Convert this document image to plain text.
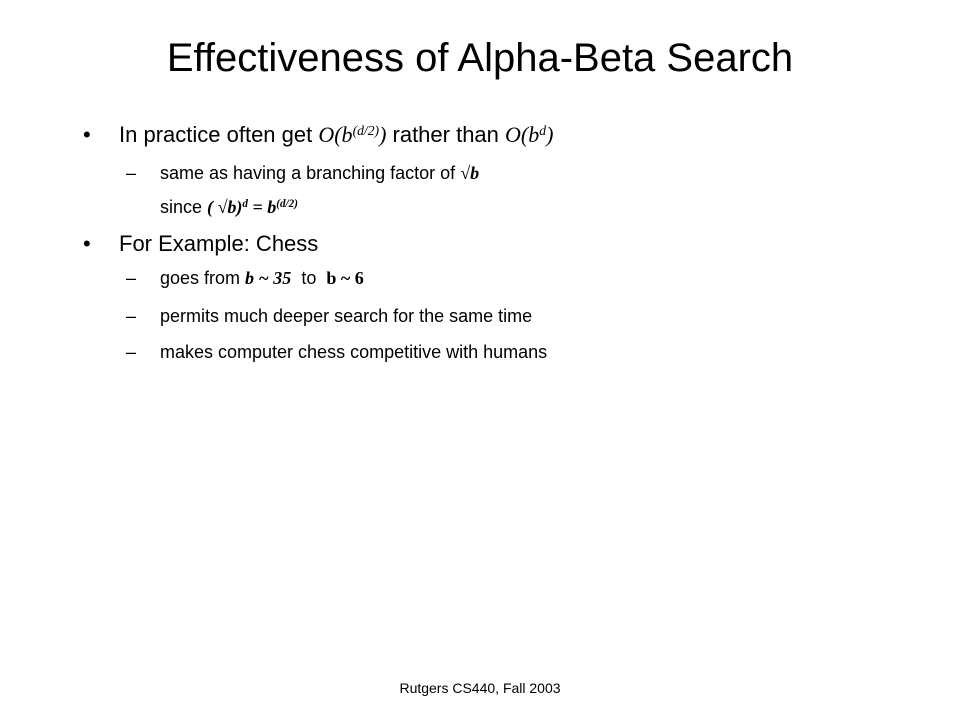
Effectiveness of Alpha-Beta Search
• In practice often get $O(b^{(d/2)})$ rather than $O(b^d)$
– same as having a branching factor of √b
since ( $√b)^d = b^{(d/2)}$
• For Example: Chess
– goes from b ~ 35  to  b ~ 6
– permits much deeper search for the same time
– makes computer chess competitive with humans
Rutgers CS440, Fall 2003
